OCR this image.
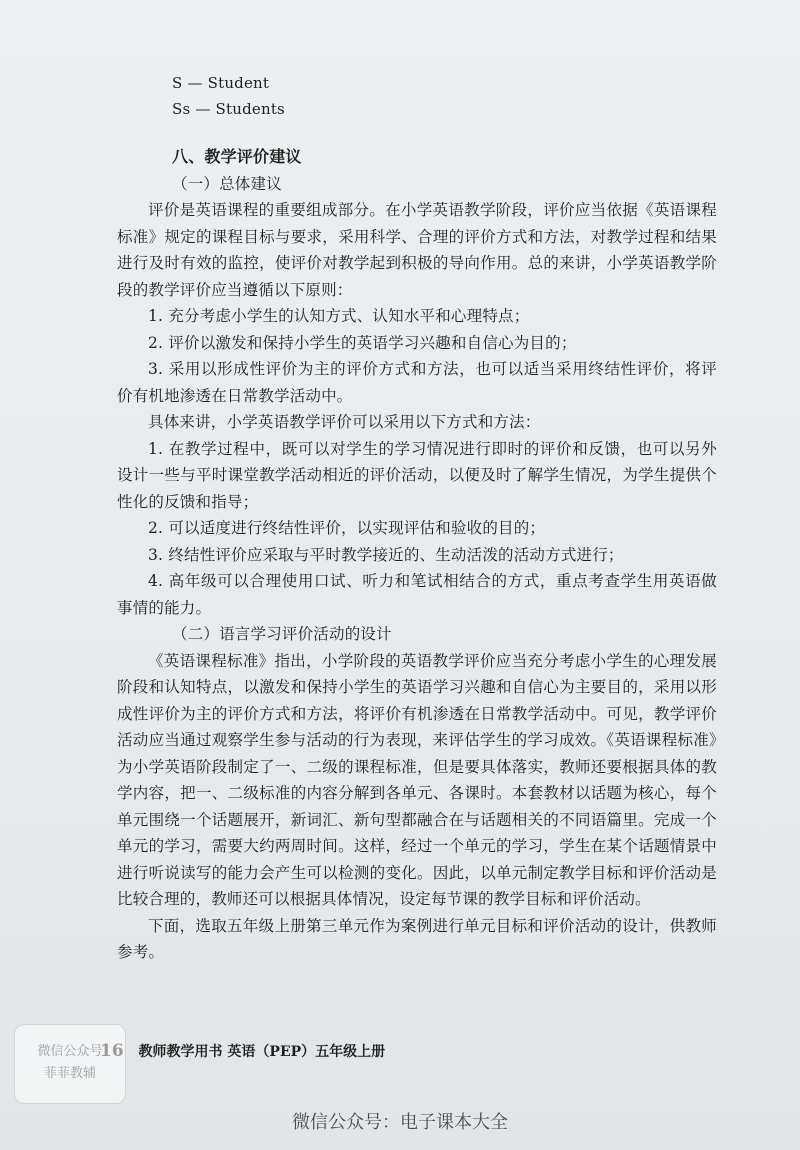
S — Student
Ss — Students
八、教学评价建议
（一）总体建议

评价是英语课程的重要组成部分。在小学英语教学阶段，评价应当依据《英语课程标准》规定的课程目标与要求，采用科学、合理的评价方式和方法，对教学过程和结果进行及时有效的监控，使评价对教学起到积极的导向作用。总的来讲，小学英语教学阶段的教学评价应当遵循以下原则：

1. 充分考虑小学生的认知方式、认知水平和心理特点；

2. 评价以激发和保持小学生的英语学习兴趣和自信心为目的；

3. 采用以形成性评价为主的评价方式和方法，也可以适当采用终结性评价，将评价有机地渗透在日常教学活动中。

具体来讲，小学英语教学评价可以采用以下方式和方法：

1. 在教学过程中，既可以对学生的学习情况进行即时的评价和反馈，也可以另外设计一些与平时课堂教学活动相近的评价活动，以便及时了解学生情况，为学生提供个性化的反馈和指导；

2. 可以适度进行终结性评价，以实现评估和验收的目的；

3. 终结性评价应采取与平时教学接近的、生动活泼的活动方式进行；

4. 高年级可以合理使用口试、听力和笔试相结合的方式，重点考查学生用英语做事情的能力。

（二）语言学习评价活动的设计

《英语课程标准》指出，小学阶段的英语教学评价应当充分考虑小学生的心理发展阶段和认知特点，以激发和保持小学生的英语学习兴趣和自信心为主要目的，采用以形成性评价为主的评价方式和方法，将评价有机渗透在日常教学活动中。可见，教学评价活动应当通过观察学生参与活动的行为表现，来评估学生的学习成效。《英语课程标准》为小学英语阶段制定了一、二级的课程标准，但是要具体落实，教师还要根据具体的教学内容，把一、二级标准的内容分解到各单元、各课时。本套教材以话题为核心，每个单元围绕一个话题展开，新词汇、新句型都融合在与话题相关的不同语篇里。完成一个单元的学习，需要大约两周时间。这样，经过一个单元的学习，学生在某个话题情景中进行听说读写的能力会产生可以检测的变化。因此，以单元制定教学目标和评价活动是比较合理的，教师还可以根据具体情况，设定每节课的教学目标和评价活动。

下面，选取五年级上册第三单元作为案例进行单元目标和评价活动的设计，供教师参考。

教师教学用书 英语（PEP）五年级上册
微信公众号
菲菲教辅
微信公众号：电子课本大全
